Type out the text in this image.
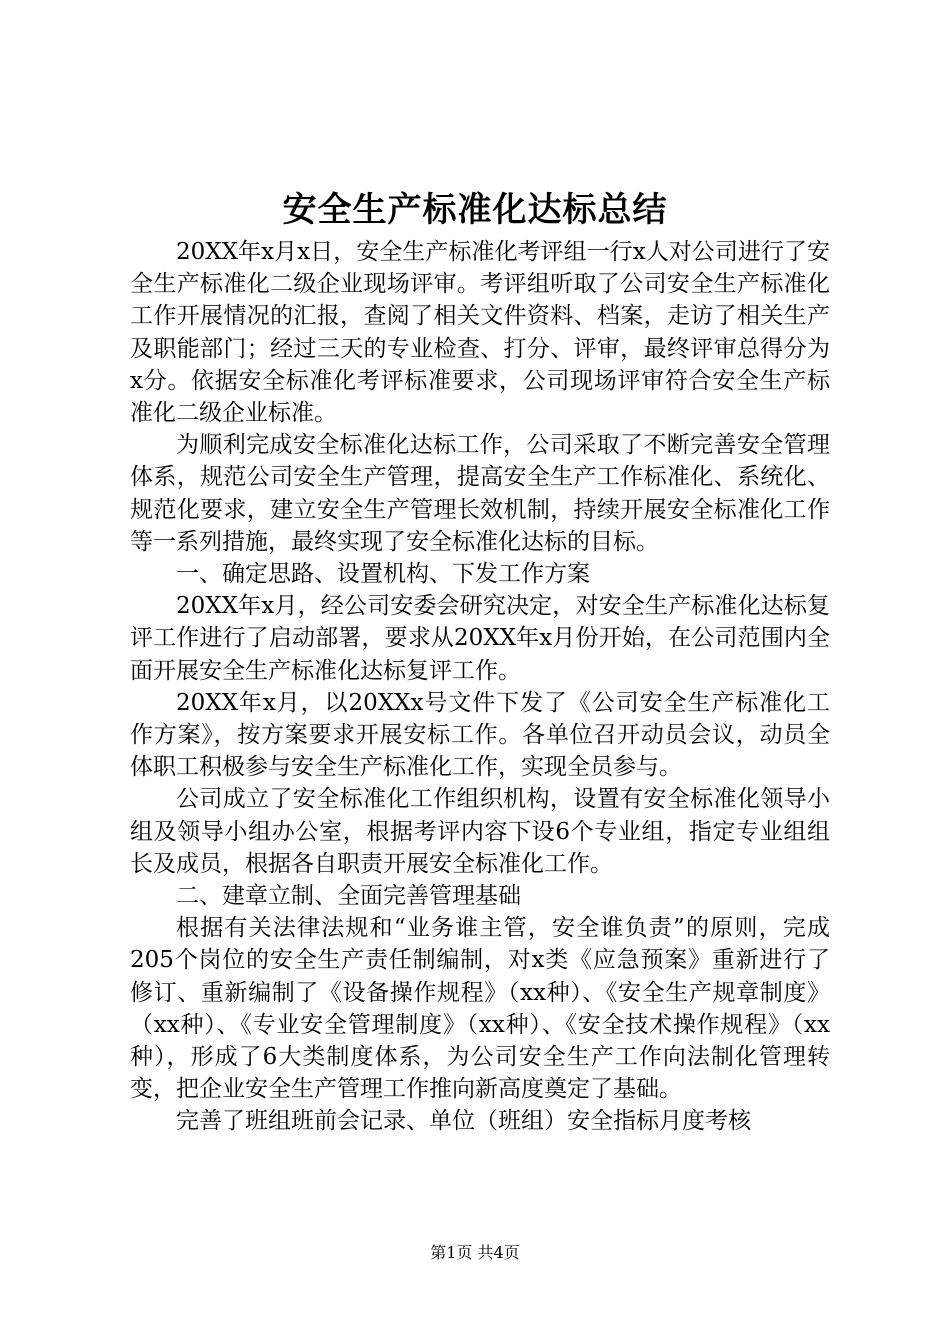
安全生产标准化达标总结

20XX年x月x日，安全生产标准化考评组一行x人对公司进行了安全生产标准化二级企业现场评审。考评组听取了公司安全生产标准化工作开展情况的汇报，查阅了相关文件资料、档案，走访了相关生产及职能部门；经过三天的专业检查、打分、评审，最终评审总得分为x分。依据安全标准化考评标准要求，公司现场评审符合安全生产标准化二级企业标准。

为顺利完成安全标准化达标工作，公司采取了不断完善安全管理体系，规范公司安全生产管理，提高安全生产工作标准化、系统化、规范化要求，建立安全生产管理长效机制，持续开展安全标准化工作等一系列措施，最终实现了安全标准化达标的目标。

一、确定思路、设置机构、下发工作方案

20XX年x月，经公司安委会研究决定，对安全生产标准化达标复评工作进行了启动部署，要求从20XX年x月份开始，在公司范围内全面开展安全生产标准化达标复评工作。

20XX年x月，以20XXx号文件下发了《公司安全生产标准化工作方案》，按方案要求开展安标工作。各单位召开动员会议，动员全体职工积极参与安全生产标准化工作，实现全员参与。

公司成立了安全标准化工作组织机构，设置有安全标准化领导小组及领导小组办公室，根据考评内容下设6个专业组，指定专业组组长及成员，根据各自职责开展安全标准化工作。

二、建章立制、全面完善管理基础

根据有关法律法规和“业务谁主管，安全谁负责”的原则，完成205个岗位的安全生产责任制编制，对x类《应急预案》重新进行了修订、重新编制了《设备操作规程》（xx种）、《安全生产规章制度》（xx种）、《专业安全管理制度》（xx种）、《安全技术操作规程》（xx种），形成了6大类制度体系，为公司安全生产工作向法制化管理转变，把企业安全生产管理工作推向新高度奠定了基础。

完善了班组班前会记录、单位（班组）安全指标月度考核

第1页 共4页
